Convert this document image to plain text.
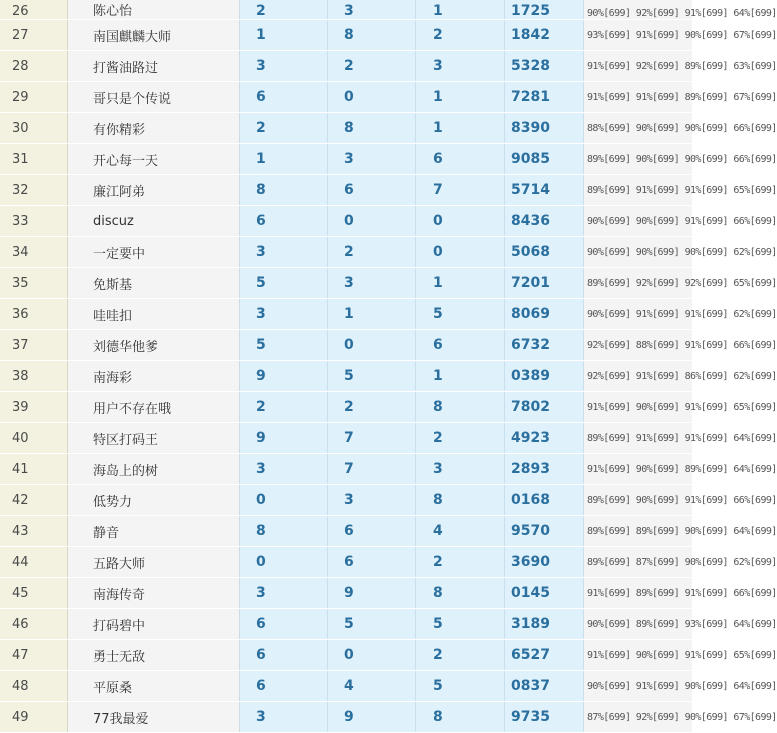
26	陈心怡	2	3	1	1725	90%[699] 92%[699] 91%[699] 64%[699]
27	南国麒麟大师	1	8	2	1842	93%[699] 91%[699] 90%[699] 67%[699]
28	打酱油路过	3	2	3	5328	91%[699] 92%[699] 89%[699] 63%[699]
29	哥只是个传说	6	0	1	7281	91%[699] 91%[699] 89%[699] 67%[699]
30	有你精彩	2	8	1	8390	88%[699] 90%[699] 90%[699] 66%[699]
31	开心每一天	1	3	6	9085	89%[699] 90%[699] 90%[699] 66%[699]
32	廉江阿弟	8	6	7	5714	89%[699] 91%[699] 91%[699] 65%[699]
33	discuz	6	0	0	8436	90%[699] 90%[699] 91%[699] 66%[699]
34	一定要中	3	2	0	5068	90%[699] 90%[699] 90%[699] 62%[699]
35	免斯基	5	3	1	7201	89%[699] 92%[699] 92%[699] 65%[699]
36	哇哇扣	3	1	5	8069	90%[699] 91%[699] 91%[699] 62%[699]
37	刘德华他爹	5	0	6	6732	92%[699] 88%[699] 91%[699] 66%[699]
38	南海彩	9	5	1	0389	92%[699] 91%[699] 86%[699] 62%[699]
39	用户不存在哦	2	2	8	7802	91%[699] 90%[699] 91%[699] 65%[699]
40	特区打码王	9	7	2	4923	89%[699] 91%[699] 91%[699] 64%[699]
41	海岛上的树	3	7	3	2893	91%[699] 90%[699] 89%[699] 64%[699]
42	低势力	0	3	8	0168	89%[699] 90%[699] 91%[699] 66%[699]
43	静音	8	6	4	9570	89%[699] 89%[699] 90%[699] 64%[699]
44	五路大师	0	6	2	3690	89%[699] 87%[699] 90%[699] 62%[699]
45	南海传奇	3	9	8	0145	91%[699] 89%[699] 91%[699] 66%[699]
46	打码碧中	6	5	5	3189	90%[699] 89%[699] 93%[699] 64%[699]
47	勇士无敌	6	0	2	6527	91%[699] 90%[699] 91%[699] 65%[699]
48	平原桑	6	4	5	0837	90%[699] 91%[699] 90%[699] 64%[699]
49	77我最爱	3	9	8	9735	87%[699] 92%[699] 90%[699] 67%[699]
